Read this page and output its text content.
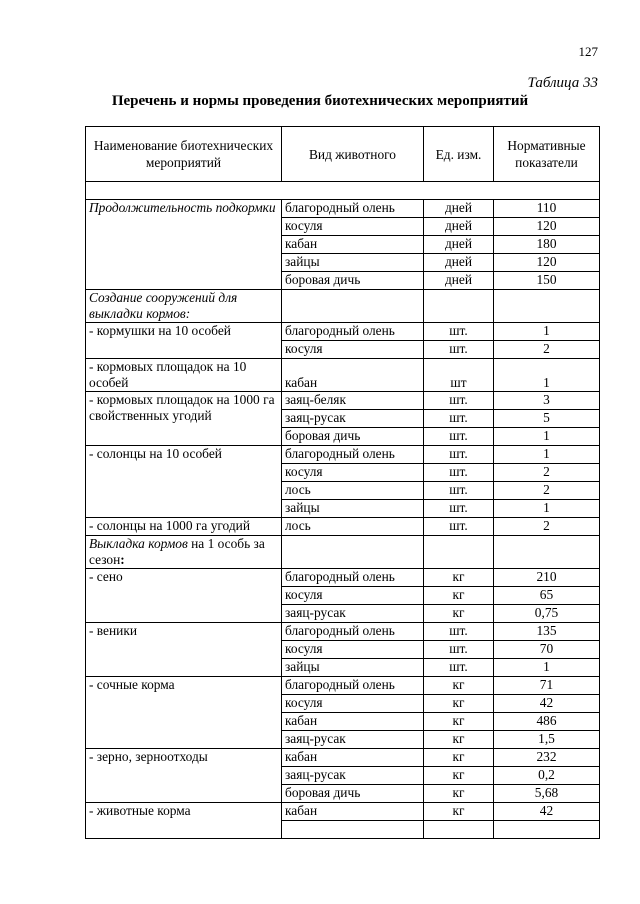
127
Таблица 33
Перечень и нормы проведения биотехнических мероприятий
Наименование биотехнических мероприятий	Вид животного	Ед. изм.	Нормативные показатели

Продолжительность подкормки	благородный олень	дней	110
	косуля	дней	120
	кабан	дней	180
	зайцы	дней	120
	боровая дичь	дней	150
Создание сооружений для выкладки кормов:			
- кормушки на 10 особей	благородный олень	шт.	1
	косуля	шт.	2
- кормовых площадок на 10 особей	кабан	шт	1
- кормовых площадок на 1000 га свойственных угодий	заяц-беляк	шт.	3
	заяц-русак	шт.	5
	боровая дичь	шт.	1
- солонцы на 10 особей	благородный олень	шт.	1
	косуля	шт.	2
	лось	шт.	2
	зайцы	шт.	1
- солонцы на 1000 га угодий	лось	шт.	2
Выкладка кормов на 1 особь за сезон:			
- сено	благородный олень	кг	210
	косуля	кг	65
	заяц-русак	кг	0,75
- веники	благородный олень	шт.	135
	косуля	шт.	70
	зайцы	шт.	1
- сочные корма	благородный олень	кг	71
	косуля	кг	42
	кабан	кг	486
	заяц-русак	кг	1,5
- зерно, зерноотходы	кабан	кг	232
	заяц-русак	кг	0,2
	боровая дичь	кг	5,68
- животные корма	кабан	кг	42
